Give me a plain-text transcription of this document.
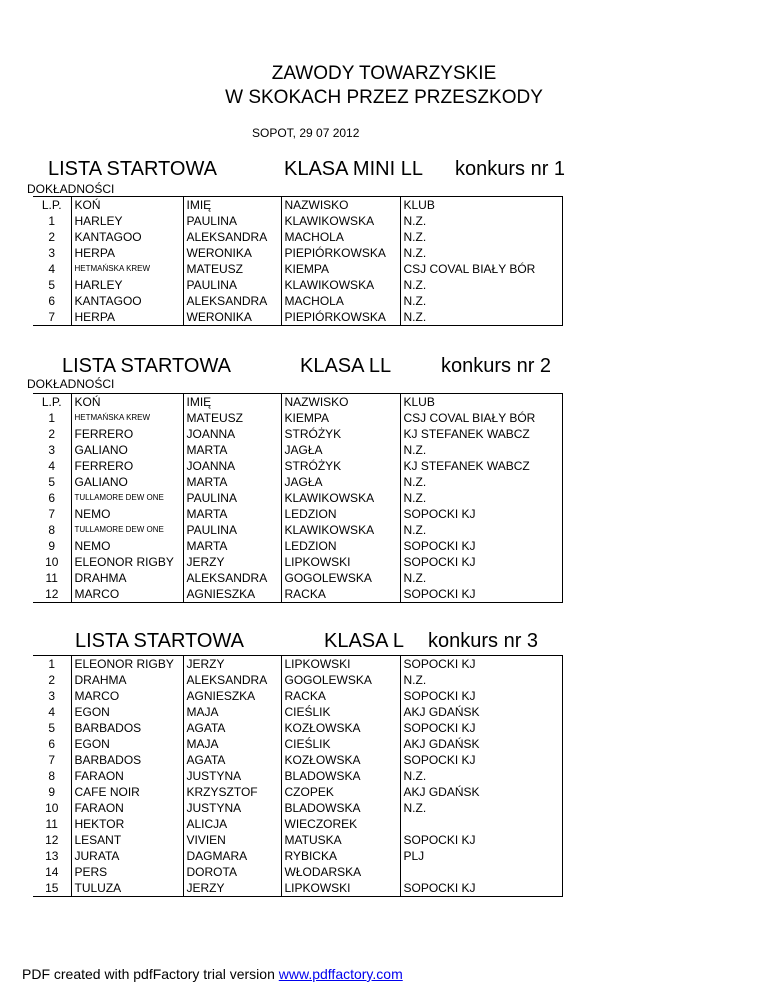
ZAWODY TOWARZYSKIE
W SKOKACH PRZEZ PRZESZKODY
SOPOT, 29 07 2012
LISTA STARTOWA	KLASA MINI LL konkurs nr 1
DOKŁADNOŚCI
L.P.	KOŃ	IMIĘ	NAZWISKO	KLUB
1	HARLEY	PAULINA	KLAWIKOWSKA	N.Z.
2	KANTAGOO	ALEKSANDRA	MACHOLA	N.Z.
3	HERPA	WERONIKA	PIEPIÓRKOWSKA	N.Z.
4	HETMAŃSKA KREW	MATEUSZ	KIEMPA	CSJ COVAL BIAŁY BÓR
5	HARLEY	PAULINA	KLAWIKOWSKA	N.Z.
6	KANTAGOO	ALEKSANDRA	MACHOLA	N.Z.
7	HERPA	WERONIKA	PIEPIÓRKOWSKA	N.Z.
LISTA STARTOWA	KLASA LL konkurs nr 2
DOKŁADNOŚCI
L.P.	KOŃ	IMIĘ	NAZWISKO	KLUB
1	HETMAŃSKA KREW	MATEUSZ	KIEMPA	CSJ COVAL BIAŁY BÓR
2	FERRERO	JOANNA	STRÓŻYK	KJ STEFANEK WABCZ
3	GALIANO	MARTA	JAGŁA	N.Z.
4	FERRERO	JOANNA	STRÓŻYK	KJ STEFANEK WABCZ
5	GALIANO	MARTA	JAGŁA	N.Z.
6	TULLAMORE DEW ONE	PAULINA	KLAWIKOWSKA	N.Z.
7	NEMO	MARTA	LEDZION	SOPOCKI KJ
8	TULLAMORE DEW ONE	PAULINA	KLAWIKOWSKA	N.Z.
9	NEMO	MARTA	LEDZION	SOPOCKI KJ
10	ELEONOR RIGBY	JERZY	LIPKOWSKI	SOPOCKI KJ
11	DRAHMA	ALEKSANDRA	GOGOLEWSKA	N.Z.
12	MARCO	AGNIESZKA	RACKA	SOPOCKI KJ
LISTA STARTOWA	KLASA L konkurs nr 3
1	ELEONOR RIGBY	JERZY	LIPKOWSKI	SOPOCKI KJ
2	DRAHMA	ALEKSANDRA	GOGOLEWSKA	N.Z.
3	MARCO	AGNIESZKA	RACKA	SOPOCKI KJ
4	EGON	MAJA	CIEŚLIK	AKJ GDAŃSK
5	BARBADOS	AGATA	KOZŁOWSKA	SOPOCKI KJ
6	EGON	MAJA	CIEŚLIK	AKJ GDAŃSK
7	BARBADOS	AGATA	KOZŁOWSKA	SOPOCKI KJ
8	FARAON	JUSTYNA	BLADOWSKA	N.Z.
9	CAFE NOIR	KRZYSZTOF	CZOPEK	AKJ GDAŃSK
10	FARAON	JUSTYNA	BLADOWSKA	N.Z.
11	HEKTOR	ALICJA	WIECZOREK	
12	LESANT	VIVIEN	MATUSKA	SOPOCKI KJ
13	JURATA	DAGMARA	RYBICKA	PLJ
14	PERS	DOROTA	WŁODARSKA	
15	TULUZA	JERZY	LIPKOWSKI	SOPOCKI KJ
PDF created with pdfFactory trial version www.pdffactory.com
